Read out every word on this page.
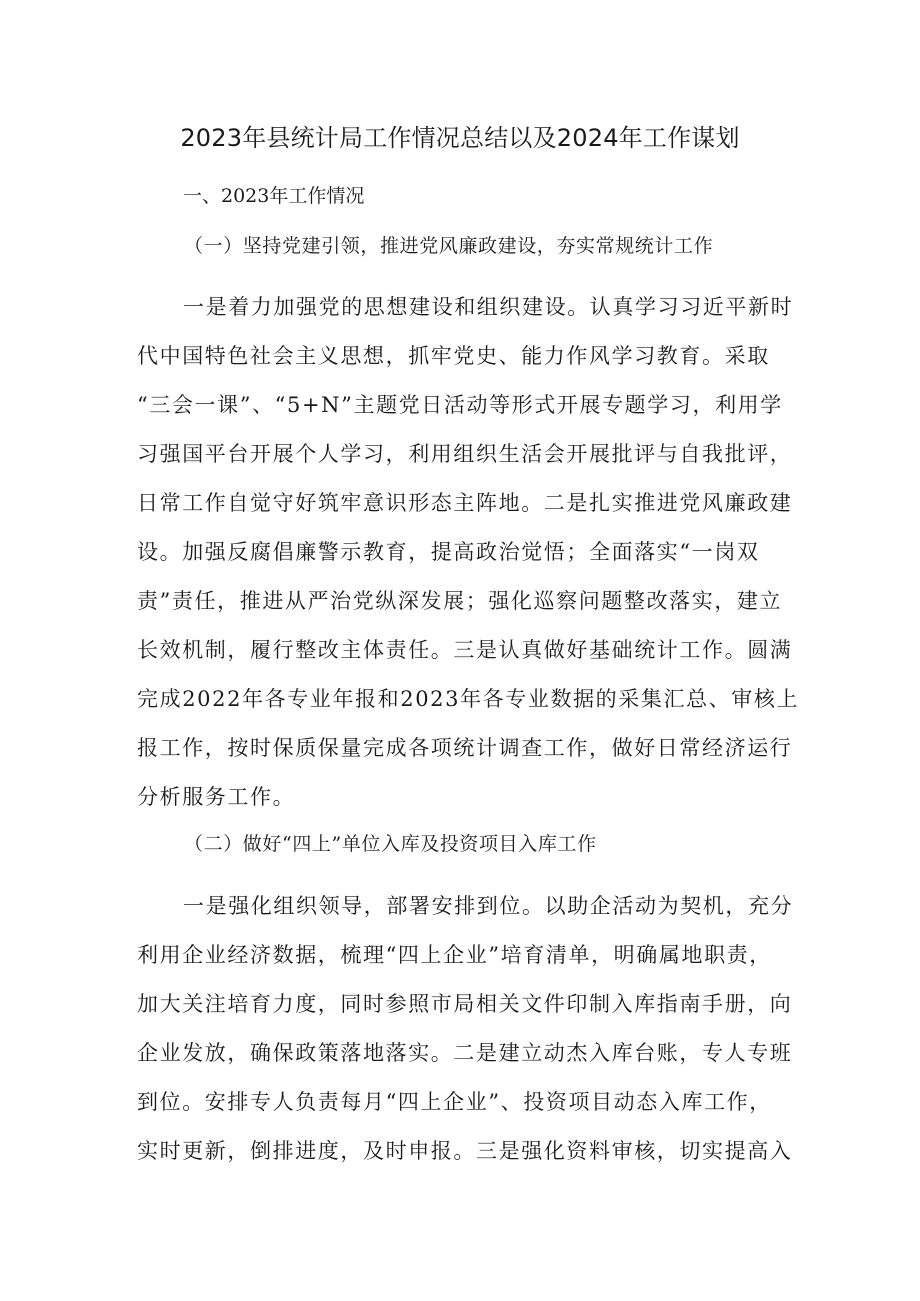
2023年县统计局工作情况总结以及2024年工作谋划
一、2023年工作情况
（一）坚持党建引领，推进党风廉政建设，夯实常规统计工作
一是着力加强党的思想建设和组织建设。认真学习习近平新时
代中国特色社会主义思想，抓牢党史、能力作风学习教育。采取
“三会一课”、“5+N”主题党日活动等形式开展专题学习，利用学
习强国平台开展个人学习，利用组织生活会开展批评与自我批评，
日常工作自觉守好筑牢意识形态主阵地。二是扎实推进党风廉政建
设。加强反腐倡廉警示教育，提高政治觉悟；全面落实“一岗双
责”责任，推进从严治党纵深发展；强化巡察问题整改落实，建立
长效机制，履行整改主体责任。三是认真做好基础统计工作。圆满
完成2022年各专业年报和2023年各专业数据的采集汇总、审核上
报工作，按时保质保量完成各项统计调查工作，做好日常经济运行
分析服务工作。
（二）做好“四上”单位入库及投资项目入库工作
一是强化组织领导，部署安排到位。以助企活动为契机，充分
利用企业经济数据，梳理“四上企业”培育清单，明确属地职责，
加大关注培育力度，同时参照市局相关文件印制入库指南手册，向
企业发放，确保政策落地落实。二是建立动杰入库台账，专人专班
到位。安排专人负责每月“四上企业”、投资项目动态入库工作，
实时更新，倒排进度，及时申报。三是强化资料审核，切实提高入
